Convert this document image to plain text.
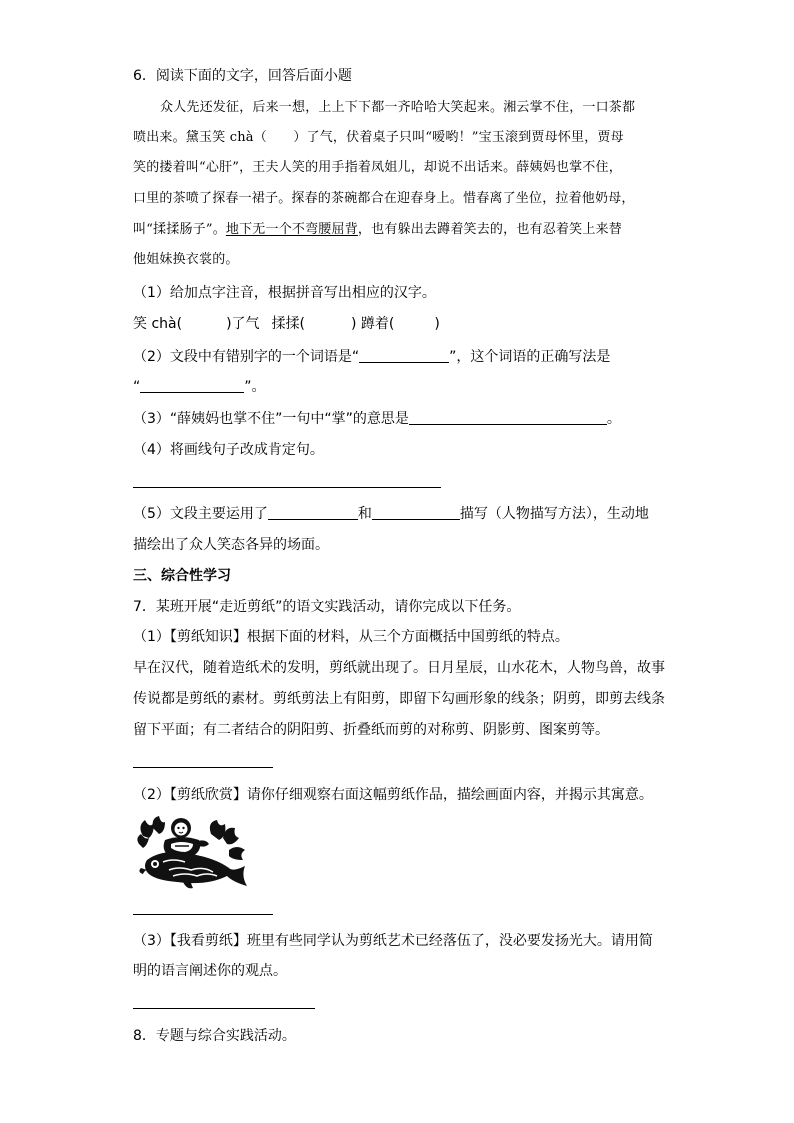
6．阅读下面的文字，回答后面小题
众人先还发征，后来一想，上上下下都一齐哈哈大笑起来。湘云掌不住，一口茶都
喷出来。黛玉笑 chà（　　）了气，伏着桌子只叫“嗳哟！”宝玉滚到贾母怀里，贾母
笑的搂着叫“心肝”，王夫人笑的用手指着凤姐儿，却说不出话来。薛姨妈也掌不住，
口里的茶喷了探春一裙子。探春的茶碗都合在迎春身上。惜春离了坐位，拉着他奶母，
叫“揉揉肠子”。地下无一个不弯腰屈背，也有躲出去蹲着笑去的，也有忍着笑上来替
他姐妹换衣裳的。
（1）给加点字注音，根据拼音写出相应的汉字。
笑 chà(	)了气 揉揉(	) 蹲着(	)
（2）文段中有错别字的一个词语是“	”，这个词语的正确写法是
“	”。
（3）“薛姨妈也掌不住”一句中“掌”的意思是	。
（4）将画线句子改成肯定句。
（5）文段主要运用了	和	描写（人物描写方法），生动地
描绘出了众人笑态各异的场面。
三、综合性学习
7．某班开展“走近剪纸”的语文实践活动，请你完成以下任务。
（1）【剪纸知识】根据下面的材料，从三个方面概括中国剪纸的特点。
早在汉代，随着造纸术的发明，剪纸就出现了。日月星辰，山水花木，人物鸟兽，故事
传说都是剪纸的素材。剪纸剪法上有阳剪，即留下勾画形象的线条；阴剪，即剪去线条
留下平面；有二者结合的阴阳剪、折叠纸而剪的对称剪、阴影剪、图案剪等。
（2）【剪纸欣赏】请你仔细观察右面这幅剪纸作品，描绘画面内容，并揭示其寓意。
（3）【我看剪纸】班里有些同学认为剪纸艺术已经落伍了，没必要发扬光大。请用简
明的语言阐述你的观点。
8．专题与综合实践活动。
